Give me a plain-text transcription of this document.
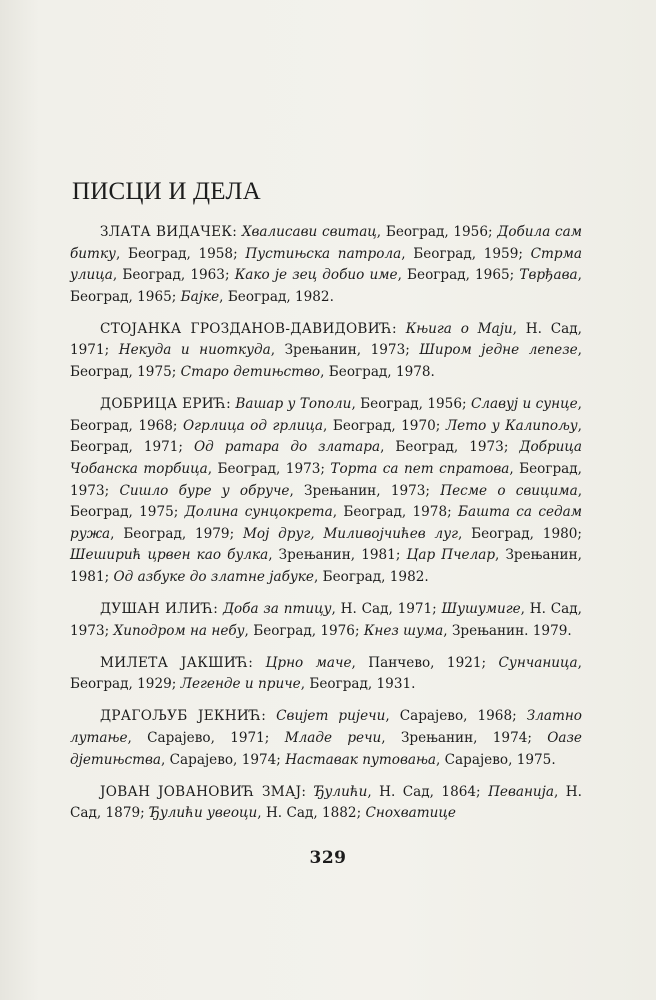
ПИСЦИ И ДЕЛА

ЗЛАТА ВИДАЧЕК: Хвалисави свитац, Београд, 1956; Добила сам битку, Београд, 1958; Пустињска патрола, Београд, 1959; Стрма улица, Београд, 1963; Како је зец добио име, Београд, 1965; Тврђава, Београд, 1965; Бајке, Београд, 1982.

СТОЈАНКА ГРОЗДАНОВ-ДАВИДОВИЋ: Књига о Маји, Н. Сад, 1971; Некуда и ниоткуда, Зрењанин, 1973; Широм једне лепезе, Београд, 1975; Старо детињство, Београд, 1978.

ДОБРИЦА ЕРИЋ: Вашар у Тополи, Београд, 1956; Славуј и сунце, Београд, 1968; Огрлица од грлица, Београд, 1970; Лето у Калипољу, Београд, 1971; Од ратара до златара, Београд, 1973; Добрица Чобанска торбица, Београд, 1973; Торта са пет спратова, Београд, 1973; Сишло буре у обруче, Зрењанин, 1973; Песме о свицима, Београд, 1975; Долина сунцокрета, Београд, 1978; Башта са седам ружа, Београд, 1979; Мој друг, Миливојчићев луг, Београд, 1980; Шеширић црвен као булка, Зрењанин, 1981; Цар Пчелар, Зрењанин, 1981; Од азбуке до златне јабуке, Београд, 1982.

ДУШАН ИЛИЋ: Доба за птицу, Н. Сад, 1971; Шушумиге, Н. Сад, 1973; Хиподром на небу, Београд, 1976; Кнез шума, Зрењанин. 1979.

МИЛЕТА ЈАКШИЋ: Црно маче, Панчево, 1921; Сунчаница, Београд, 1929; Легенде и приче, Београд, 1931.

ДРАГОЉУБ ЈЕКНИЋ: Свијет ријечи, Сарајево, 1968; Златно лутање, Сарајево, 1971; Младе речи, Зрењанин, 1974; Оазе дјетињства, Сарајево, 1974; Наставак путовања, Сарајево, 1975.

ЈОВАН ЈОВАНОВИЋ ЗМАЈ: Ђулићи, Н. Сад, 1864; Певанија, Н. Сад, 1879; Ђулићи увеоци, Н. Сад, 1882; Снохватице

329
